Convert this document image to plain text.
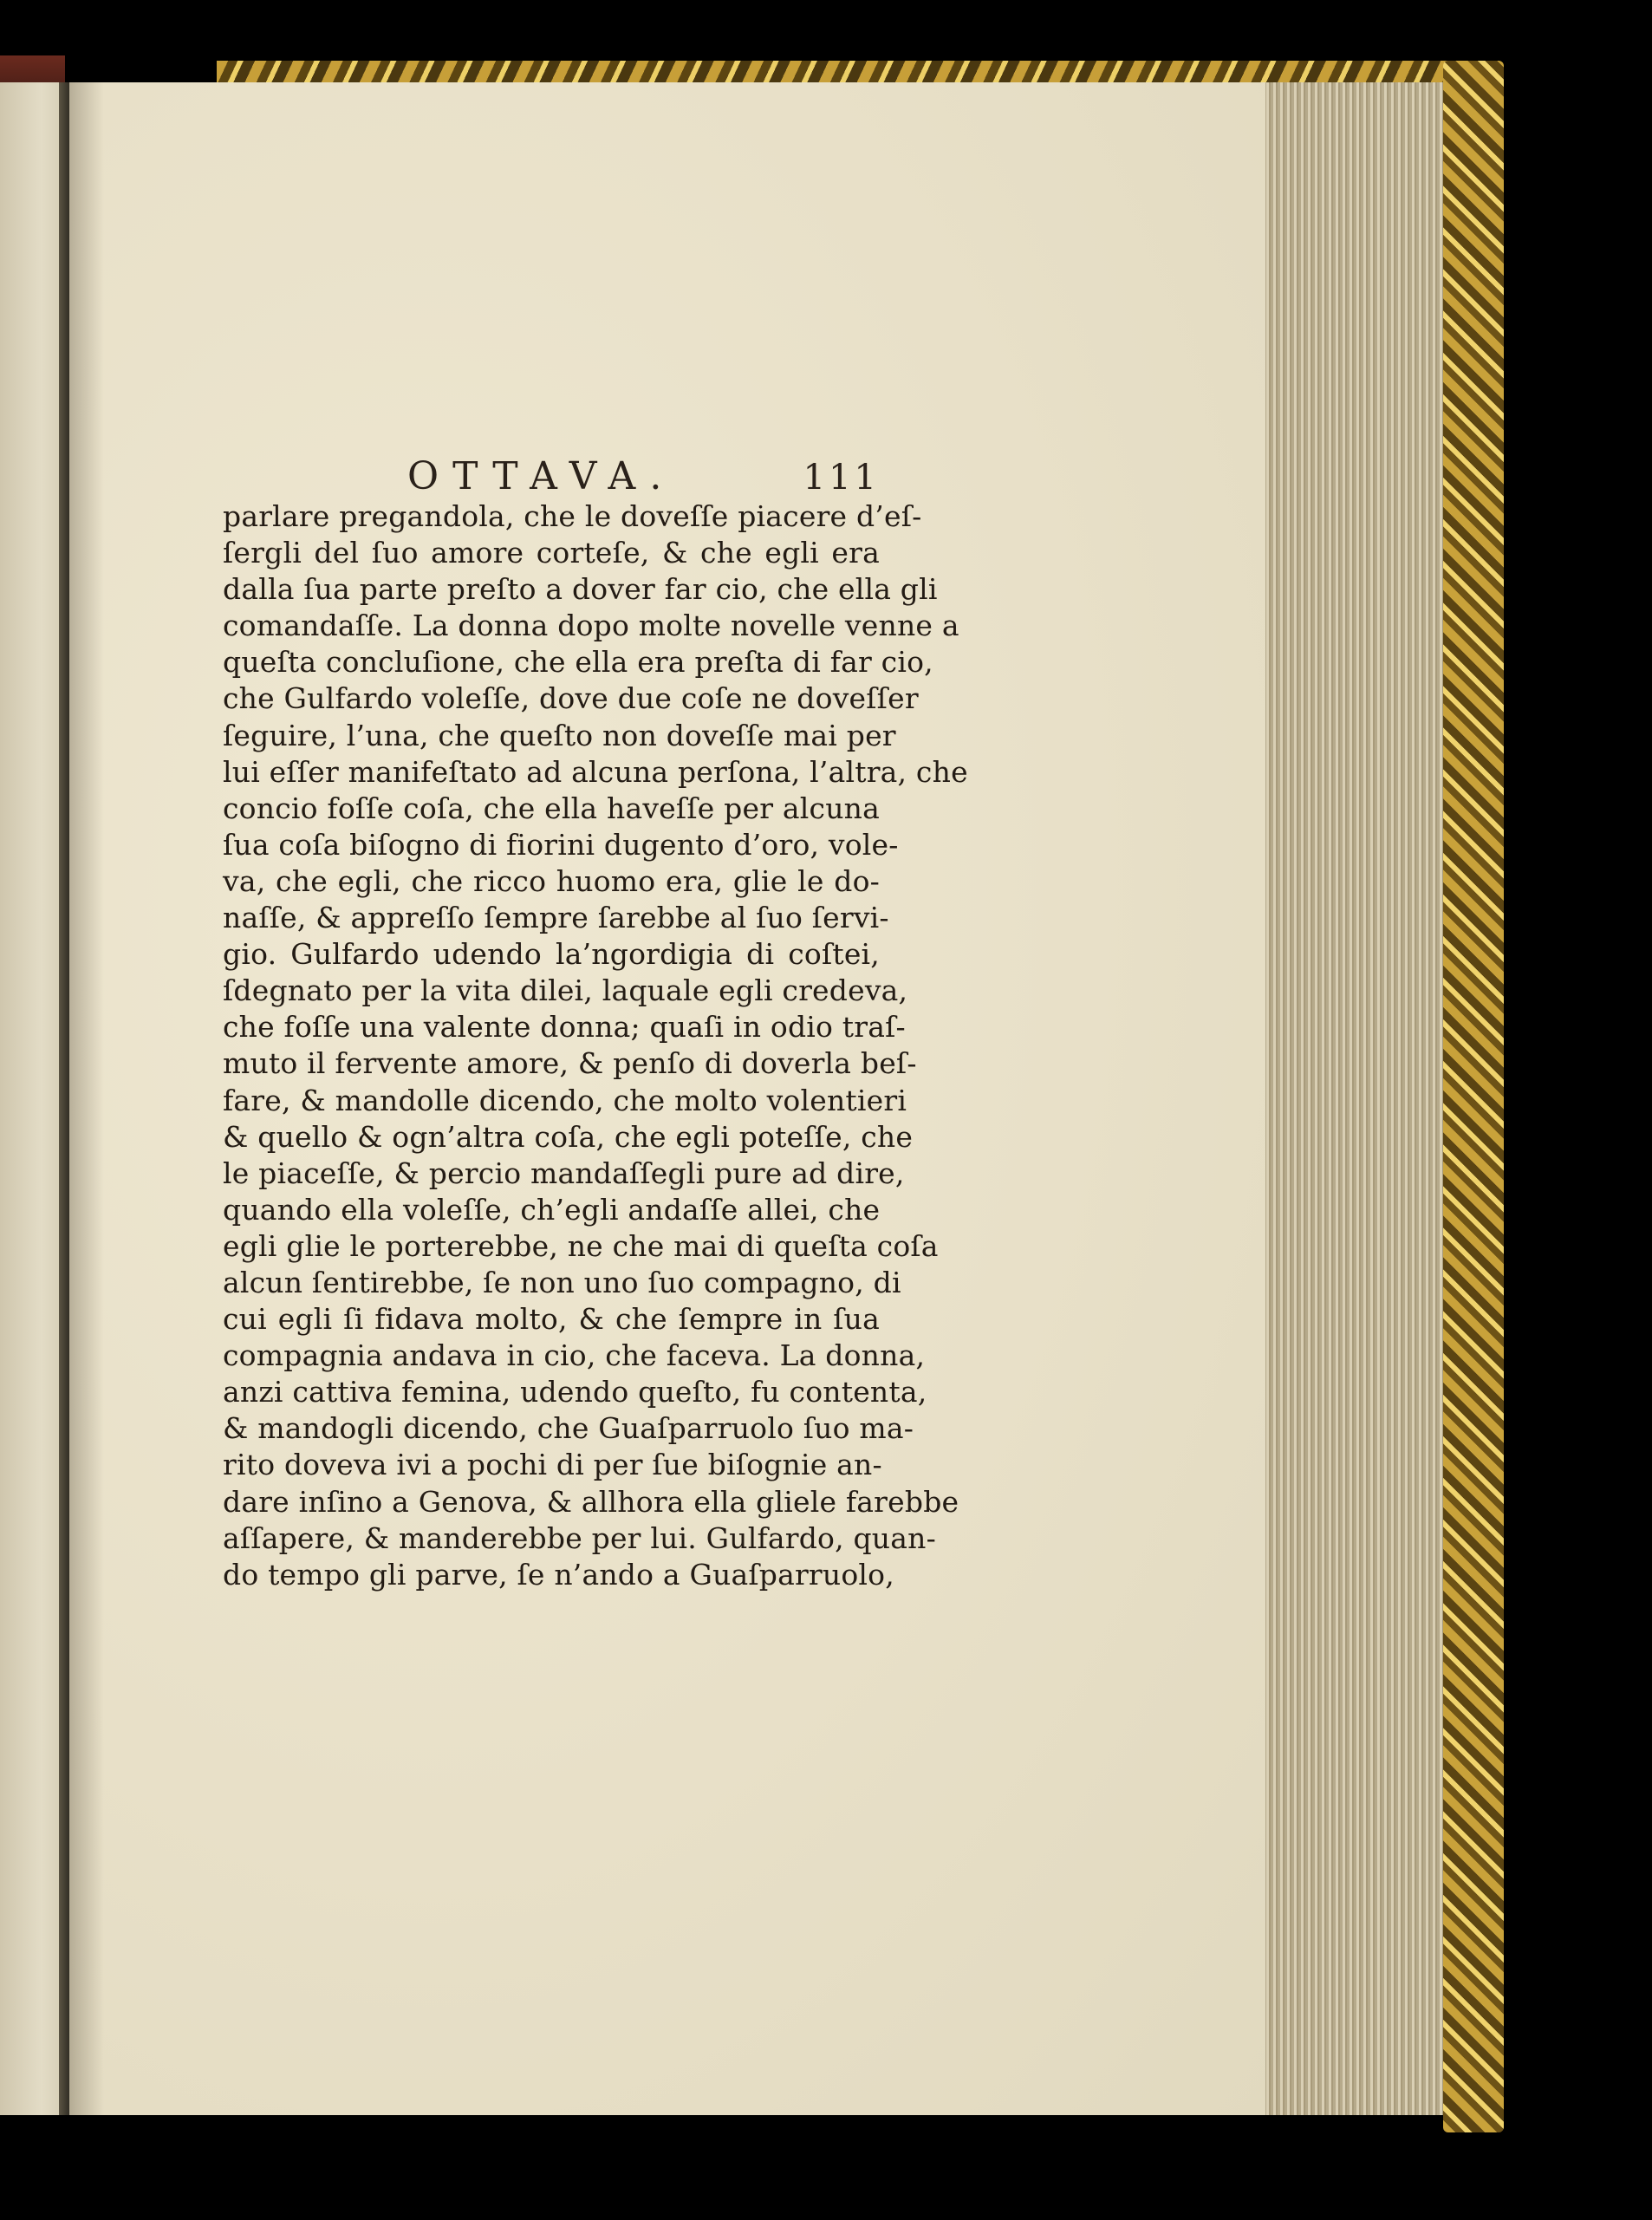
OTTAVA.	111
parlare pregandola, che le doveſſe piacere d’eſ-
ſergli del ſuo amore corteſe, & che egli era
dalla ſua parte preſto a dover far cio, che ella gli
comandaſſe. La donna dopo molte novelle venne a
queſta concluſione, che ella era preſta di far cio,
che Gulfardo voleſſe, dove due coſe ne doveſſer
ſeguire, l’una, che queſto non doveſſe mai per
lui eſſer manifeſtato ad alcuna perſona, l’altra, che
concio foſſe coſa, che ella haveſſe per alcuna
ſua coſa biſogno di fiorini dugento d’oro, vole-
va, che egli, che ricco huomo era, glie le do-
naſſe, & appreſſo ſempre ſarebbe al ſuo ſervi-
gio. Gulfardo udendo la’ngordigia di coſtei,
ſdegnato per la vita dilei, laquale egli credeva,
che foſſe una valente donna; quaſi in odio traſ-
muto il fervente amore, & penſo di doverla beſ-
fare, & mandolle dicendo, che molto volentieri
& quello & ogn’altra coſa, che egli poteſſe, che
le piaceſſe, & percio mandaſſegli pure ad dire,
quando ella voleſſe, ch’egli andaſſe allei, che
egli glie le porterebbe, ne che mai di queſta coſa
alcun ſentirebbe, ſe non uno ſuo compagno, di
cui egli ſi fidava molto, & che ſempre in ſua
compagnia andava in cio, che faceva. La donna,
anzi cattiva femina, udendo queſto, fu contenta,
& mandogli dicendo, che Guaſparruolo ſuo ma-
rito doveva ivi a pochi di per ſue biſognie an-
dare inſino a Genova, & allhora ella gliele farebbe
aſſapere, & manderebbe per lui. Gulfardo, quan-
do tempo gli parve, ſe n’ando a Guaſparruolo,
